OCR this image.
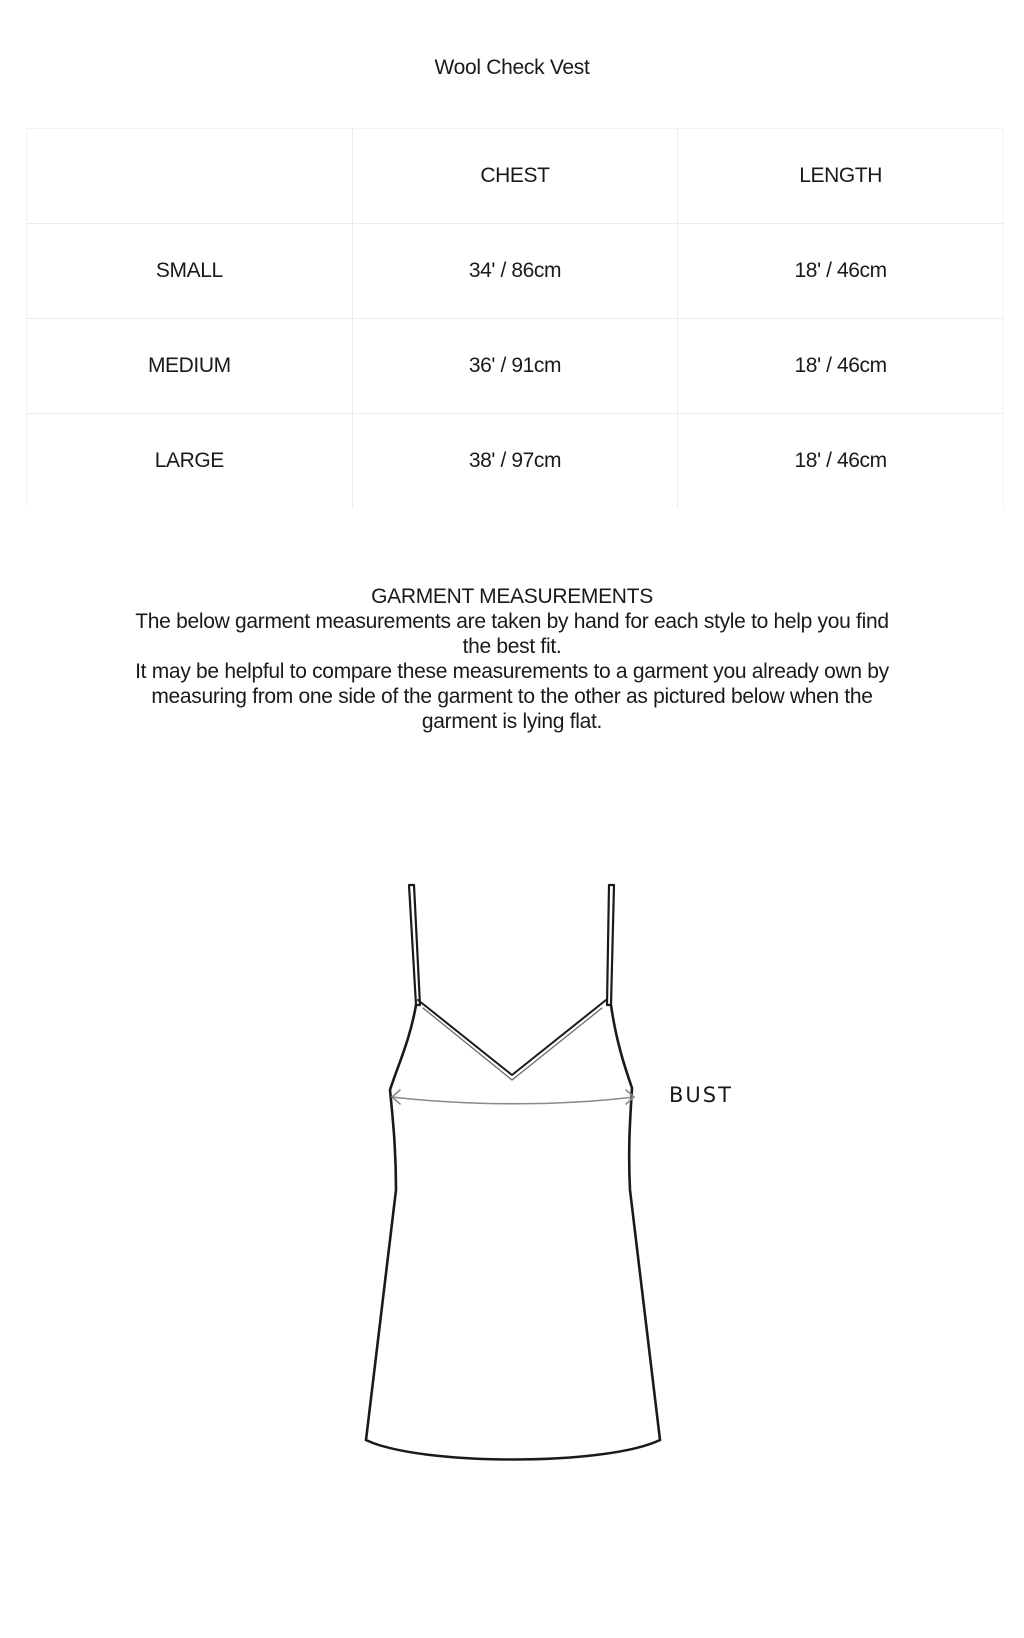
Wool Check Vest
	CHEST	LENGTH
SMALL	34' / 86cm	18' / 46cm
MEDIUM	36' / 91cm	18' / 46cm
LARGE	38' / 97cm	18' / 46cm

GARMENT MEASUREMENTS

The below garment measurements are taken by hand for each style to help you find the best fit.

It may be helpful to compare these measurements to a garment you already own by measuring from one side of the garment to the other as pictured below when the garment is lying flat.

BUST
